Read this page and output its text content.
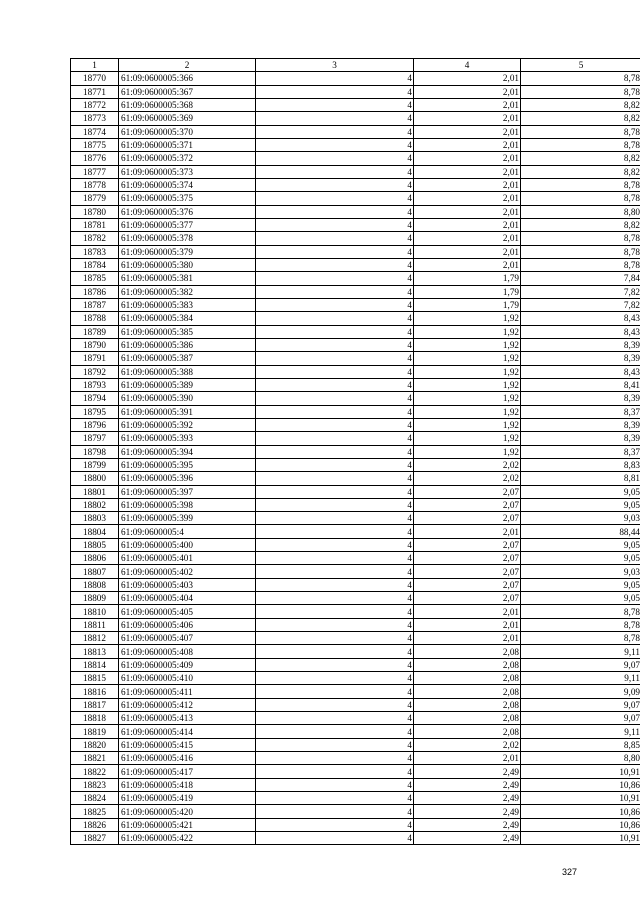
1	2	3	4	5
18770	61:09:0600005:366	4	2,01	8,78
18771	61:09:0600005:367	4	2,01	8,78
18772	61:09:0600005:368	4	2,01	8,82
18773	61:09:0600005:369	4	2,01	8,82
18774	61:09:0600005:370	4	2,01	8,78
18775	61:09:0600005:371	4	2,01	8,78
18776	61:09:0600005:372	4	2,01	8,82
18777	61:09:0600005:373	4	2,01	8,82
18778	61:09:0600005:374	4	2,01	8,78
18779	61:09:0600005:375	4	2,01	8,78
18780	61:09:0600005:376	4	2,01	8,80
18781	61:09:0600005:377	4	2,01	8,82
18782	61:09:0600005:378	4	2,01	8,78
18783	61:09:0600005:379	4	2,01	8,78
18784	61:09:0600005:380	4	2,01	8,78
18785	61:09:0600005:381	4	1,79	7,84
18786	61:09:0600005:382	4	1,79	7,82
18787	61:09:0600005:383	4	1,79	7,82
18788	61:09:0600005:384	4	1,92	8,43
18789	61:09:0600005:385	4	1,92	8,43
18790	61:09:0600005:386	4	1,92	8,39
18791	61:09:0600005:387	4	1,92	8,39
18792	61:09:0600005:388	4	1,92	8,43
18793	61:09:0600005:389	4	1,92	8,41
18794	61:09:0600005:390	4	1,92	8,39
18795	61:09:0600005:391	4	1,92	8,37
18796	61:09:0600005:392	4	1,92	8,39
18797	61:09:0600005:393	4	1,92	8,39
18798	61:09:0600005:394	4	1,92	8,37
18799	61:09:0600005:395	4	2,02	8,83
18800	61:09:0600005:396	4	2,02	8,81
18801	61:09:0600005:397	4	2,07	9,05
18802	61:09:0600005:398	4	2,07	9,05
18803	61:09:0600005:399	4	2,07	9,03
18804	61:09:0600005:4	4	2,01	88,44
18805	61:09:0600005:400	4	2,07	9,05
18806	61:09:0600005:401	4	2,07	9,05
18807	61:09:0600005:402	4	2,07	9,03
18808	61:09:0600005:403	4	2,07	9,05
18809	61:09:0600005:404	4	2,07	9,05
18810	61:09:0600005:405	4	2,01	8,78
18811	61:09:0600005:406	4	2,01	8,78
18812	61:09:0600005:407	4	2,01	8,78
18813	61:09:0600005:408	4	2,08	9,11
18814	61:09:0600005:409	4	2,08	9,07
18815	61:09:0600005:410	4	2,08	9,11
18816	61:09:0600005:411	4	2,08	9,09
18817	61:09:0600005:412	4	2,08	9,07
18818	61:09:0600005:413	4	2,08	9,07
18819	61:09:0600005:414	4	2,08	9,11
18820	61:09:0600005:415	4	2,02	8,85
18821	61:09:0600005:416	4	2,01	8,80
18822	61:09:0600005:417	4	2,49	10,91
18823	61:09:0600005:418	4	2,49	10,86
18824	61:09:0600005:419	4	2,49	10,91
18825	61:09:0600005:420	4	2,49	10,86
18826	61:09:0600005:421	4	2,49	10,86
18827	61:09:0600005:422	4	2,49	10,91
327
